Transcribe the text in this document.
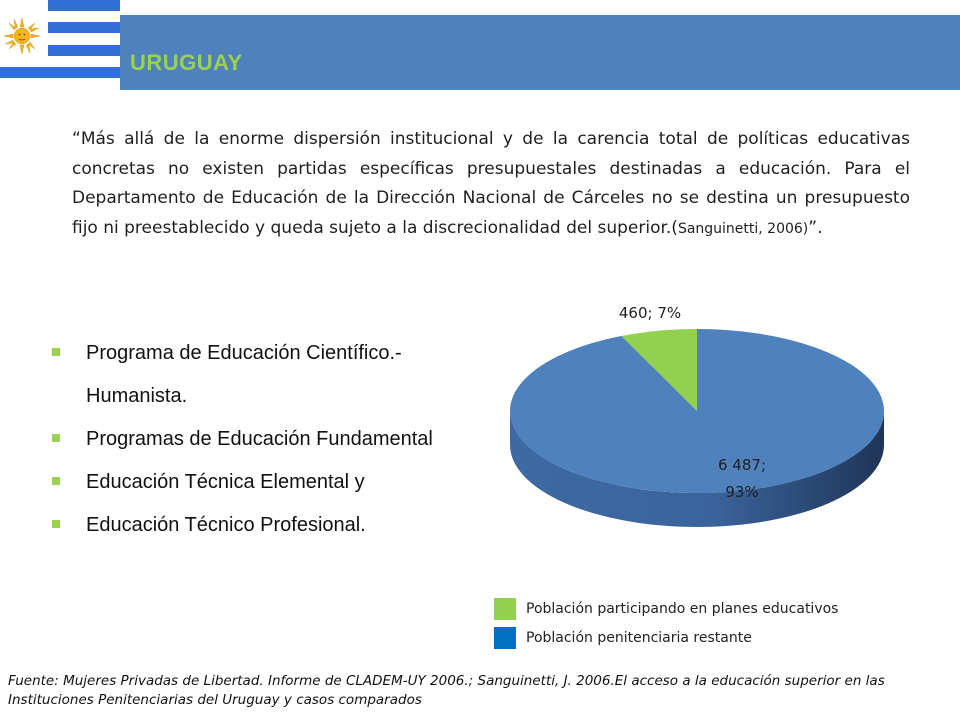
URUGUAY

“Más allá de la enorme dispersión institucional y de la carencia total de políticas educativas concretas no existen partidas específicas presupuestales destinadas a educación. Para el Departamento de Educación de la Dirección Nacional de Cárceles no se destina un presupuesto fijo ni preestablecido y queda sujeto a la discrecionalidad del superior.(Sanguinetti, 2006)”.

Programa de Educación Científico.- Humanista.
Programas de Educación Fundamental
Educación Técnica Elemental y
Educación Técnico Profesional.
460; 7%
6 487;
93%
Población participando en planes educativos
Población penitenciaria restante
Fuente: Mujeres Privadas de Libertad. Informe de CLADEM-UY 2006.; Sanguinetti, J. 2006.El acceso a la educación superior en las Instituciones Penitenciarias del Uruguay y casos comparados
